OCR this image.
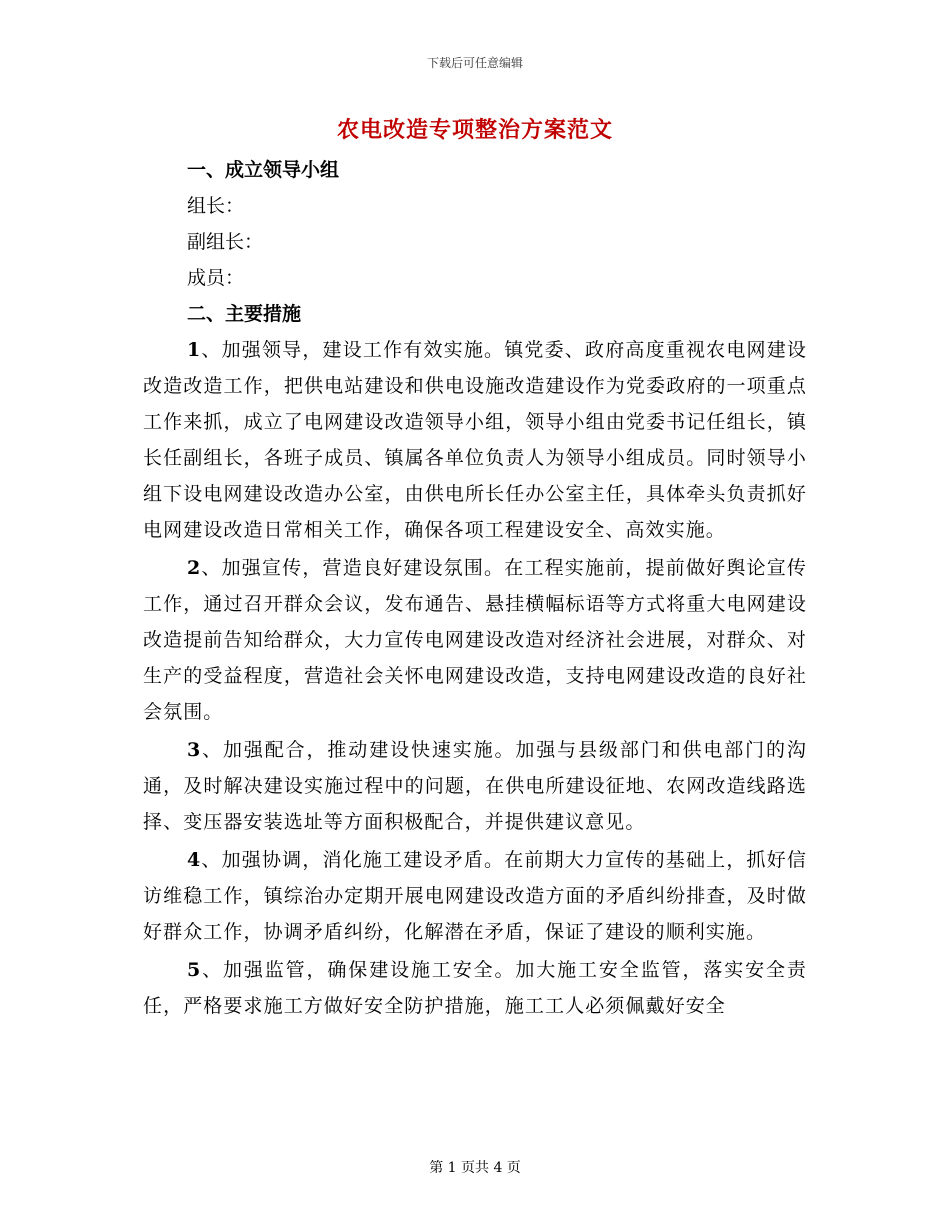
下载后可任意编辑
农电改造专项整治方案范文
一、成立领导小组
组长：
副组长：
成员：
二、主要措施

1、加强领导，建设工作有效实施。镇党委、政府高度重视农电网建设改造改造工作，把供电站建设和供电设施改造建设作为党委政府的一项重点工作来抓，成立了电网建设改造领导小组，领导小组由党委书记任组长，镇长任副组长，各班子成员、镇属各单位负责人为领导小组成员。同时领导小组下设电网建设改造办公室，由供电所长任办公室主任，具体牵头负责抓好电网建设改造日常相关工作，确保各项工程建设安全、高效实施。

2、加强宣传，营造良好建设氛围。在工程实施前，提前做好舆论宣传工作，通过召开群众会议，发布通告、悬挂横幅标语等方式将重大电网建设改造提前告知给群众，大力宣传电网建设改造对经济社会进展，对群众、对生产的受益程度，营造社会关怀电网建设改造，支持电网建设改造的良好社会氛围。

3、加强配合，推动建设快速实施。加强与县级部门和供电部门的沟通，及时解决建设实施过程中的问题，在供电所建设征地、农网改造线路选择、变压器安装选址等方面积极配合，并提供建议意见。

4、加强协调，消化施工建设矛盾。在前期大力宣传的基础上，抓好信访维稳工作，镇综治办定期开展电网建设改造方面的矛盾纠纷排查，及时做好群众工作，协调矛盾纠纷，化解潜在矛盾，保证了建设的顺利实施。

5、加强监管，确保建设施工安全。加大施工安全监管，落实安全责任，严格要求施工方做好安全防护措施，施工工人必须佩戴好安全

第 1 页共 4 页
